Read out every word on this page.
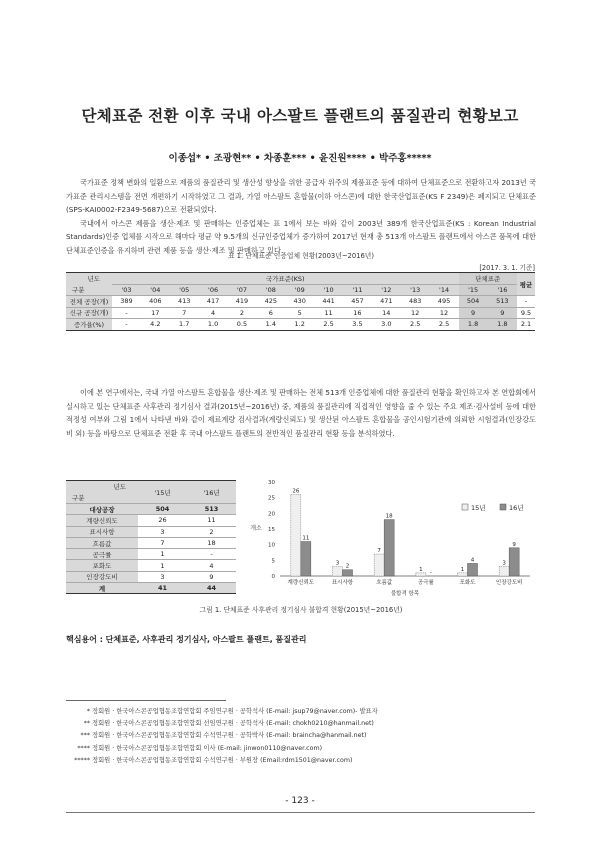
단체표준 전환 이후 국내 아스팔트 플랜트의 품질관리 현황보고
이종섭* • 조광현** • 차종훈*** • 윤진원**** • 박주홍*****

국가표준 정책 변화의 일환으로 제품의 품질관리 및 생산성 향상을 위한 공급자 위주의 제품표준 등에 대하여 단체표준으로 전환하고자 2013년 국가표준 관리시스템을 전면 개편하기 시작하였고 그 결과, 가열 아스팔트 혼합물(이하 아스콘)에 대한 한국산업표준(KS F 2349)은 폐지되고 단체표준(SPS-KAI0002-F2349-5687)으로 전환되었다.

국내에서 아스콘 제품을 생산·제조 및 판매하는 인증업체는 표 1에서 보는 바와 같이 2003년 389개 한국산업표준(KS : Korean Industrial Standards)인증 업체를 시작으로 해마다 평균 약 9.5개의 신규인증업체가 증가하여 2017년 현재 총 513개 아스팔트 플랜트에서 아스콘 품목에 대한 단체표준인증을 유지하며 관련 제품 등을 생산·제조 및 판매하고 있다.

표 1. 단체표준 인증업체 현황(2003년~2016년)
[2017. 3. 1. 기준]
년도
구분	국가표준(KS)												단체표준		평균
	'03	'04	'05	'06	'07	'08	'09	'10	'11	'12	'13	'14	'15	'16	
전체 공장(개)	389	406	413	417	419	425	430	441	457	471	483	495	504	513	-
신규 공장(개)	-	17	7	4	2	6	5	11	16	14	12	12	9	9	9.5
증가율(%)	-	4.2	1.7	1.0	0.5	1.4	1.2	2.5	3.5	3.0	2.5	2.5	1.8	1.8	2.1

이에 본 연구에서는, 국내 가열 아스팔트 혼합물을 생산·제조 및 판매하는 전체 513개 인증업체에 대한 품질관리 현황을 확인하고자 본 연합회에서 실시하고 있는 단체표준 사후관리 정기심사 결과(2015년~2016년) 중, 제품의 품질관리에 직접적인 영향을 줄 수 있는 주요 제조·검사설비 등에 대한 적정성 여부와 그림 1에서 나타낸 바와 같이 제료계량 검사결과(계량신뢰도) 및 생산된 아스팔트 혼합물을 공인시험기관에 의뢰한 시험결과(인장강도비 외) 등을 바탕으로 단체표준 전환 후 국내 아스팔트 플랜트의 전반적인 품질관리 현황 등을 분석하였다.

년도
구분	'15년	'16년
대상공장	504	513
계량신뢰도	26	11
표시사항	3	2
흐름값	7	18
공극률	1	-
포화도	1	4
인장강도비	3	9
계	41	44
0
5
10
15
20
25
30
개소
26
11
계량신뢰도
3
2
표시사항
7
18
흐름값
1
-
공극률
1
4
포화도
3
9
인장강도비
불합격 항목
15년	16년
그림 1. 단체표준 사후관리 정기심사 불합격 현황(2015년~2016년)
핵심용어 : 단체표준, 사후관리 정기심사, 아스팔트 플랜트, 품질관리
* 정회원 · 한국아스콘공업협동조합연합회 주임연구원 · 공학석사 (E-mail: jsup79@naver.com)- 발표자
** 정회원 · 한국아스콘공업협동조합연합회 선임연구원 · 공학석사 (E-mail: chokh0210@hanmail.net)
*** 정회원 · 한국아스콘공업협동조합연합회 수석연구원 · 공학박사 (E-mail: braincha@hanmail.net)
**** 정회원 · 한국아스콘공업협동조합연합회 이사 (E-mail: jinwon0110@naver.com)
***** 정회원 · 한국아스콘공업협동조합연합회 수석연구원 · 부원장 (Email:rdm1501@naver.com)
- 123 -
